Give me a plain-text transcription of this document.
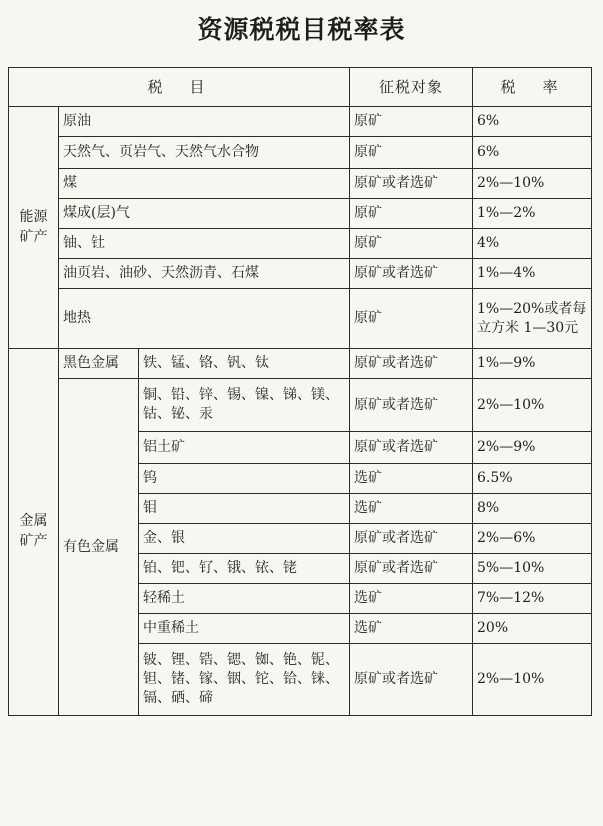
资源税税目税率表
税　目			征税对象	税　率
能源
矿产	原油		原矿	6%
	天然气、页岩气、天然气水合物		原矿	6%
	煤		原矿或者选矿	2%—10%
	煤成(层)气		原矿	1%—2%
	铀、钍		原矿	4%
	油页岩、油砂、天然沥青、石煤		原矿或者选矿	1%—4%
	地热		原矿	1%—20%或者每立方米 1—30元
金属
矿产	黑色金属	铁、锰、铬、钒、钛	原矿或者选矿	1%—9%
	有色金属	铜、铅、锌、锡、镍、锑、镁、钴、铋、汞	原矿或者选矿	2%—10%
		铝土矿	原矿或者选矿	2%—9%
		钨	选矿	6.5%
		钼	选矿	8%
		金、银	原矿或者选矿	2%—6%
		铂、钯、钌、锇、铱、铑	原矿或者选矿	5%—10%
		轻稀土	选矿	7%—12%
		中重稀土	选矿	20%
		铍、锂、锆、锶、铷、铯、铌、钽、锗、镓、铟、铊、铪、铼、镉、硒、碲	原矿或者选矿	2%—10%
